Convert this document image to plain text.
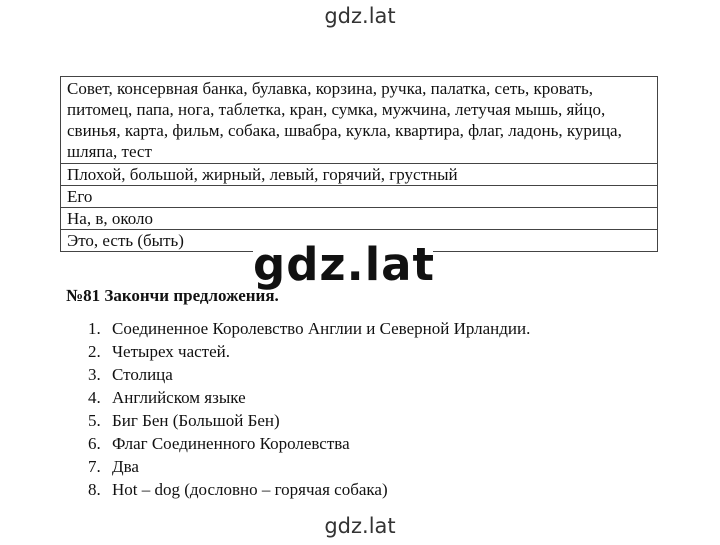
gdz.lat
Совет, консервная банка, булавка, корзина, ручка, палатка, сеть, кровать, питомец, папа, нога, таблетка, кран, сумка, мужчина, летучая мышь, яйцо, свинья, карта, фильм, собака, швабра, кукла, квартира, флаг, ладонь, курица, шляпа, тест
Плохой, большой, жирный, левый, горячий, грустный
Его
На, в, около
Это, есть (быть) gdz.lat
№81 Закончи предложения.
1. Соединенное Королевство Англии и Северной Ирландии.
2. Четырех частей.
3. Столица
4. Английском языке
5. Биг Бен (Большой Бен)
6. Флаг Соединенного Королевства
7. Два
8. Hot – dog (дословно – горячая собака)
gdz.lat
